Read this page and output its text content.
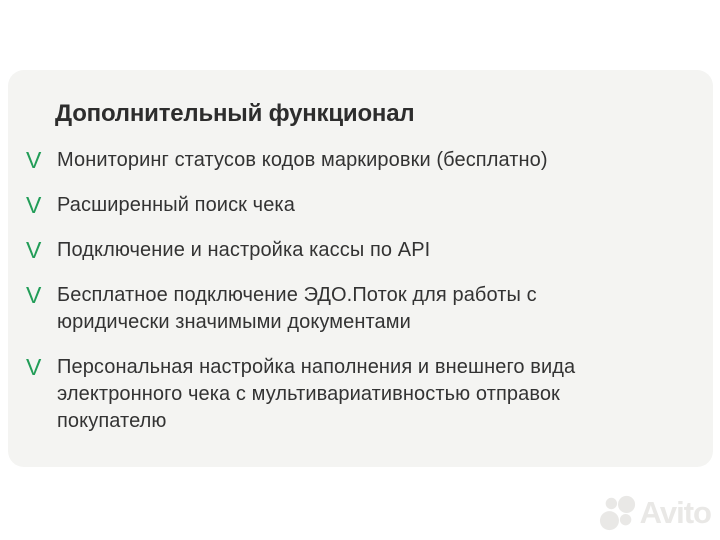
Дополнительный функционал
V Мониторинг статусов кодов маркировки (бесплатно)
V Расширенный поиск чека
V Подключение и настройка кассы по API
V Бесплатное подключение ЭДО.Поток для работы с
юридически значимыми документами
V Персональная настройка наполнения и внешнего вида
электронного чека с мультивариативностью отправок
покупателю
Avito
